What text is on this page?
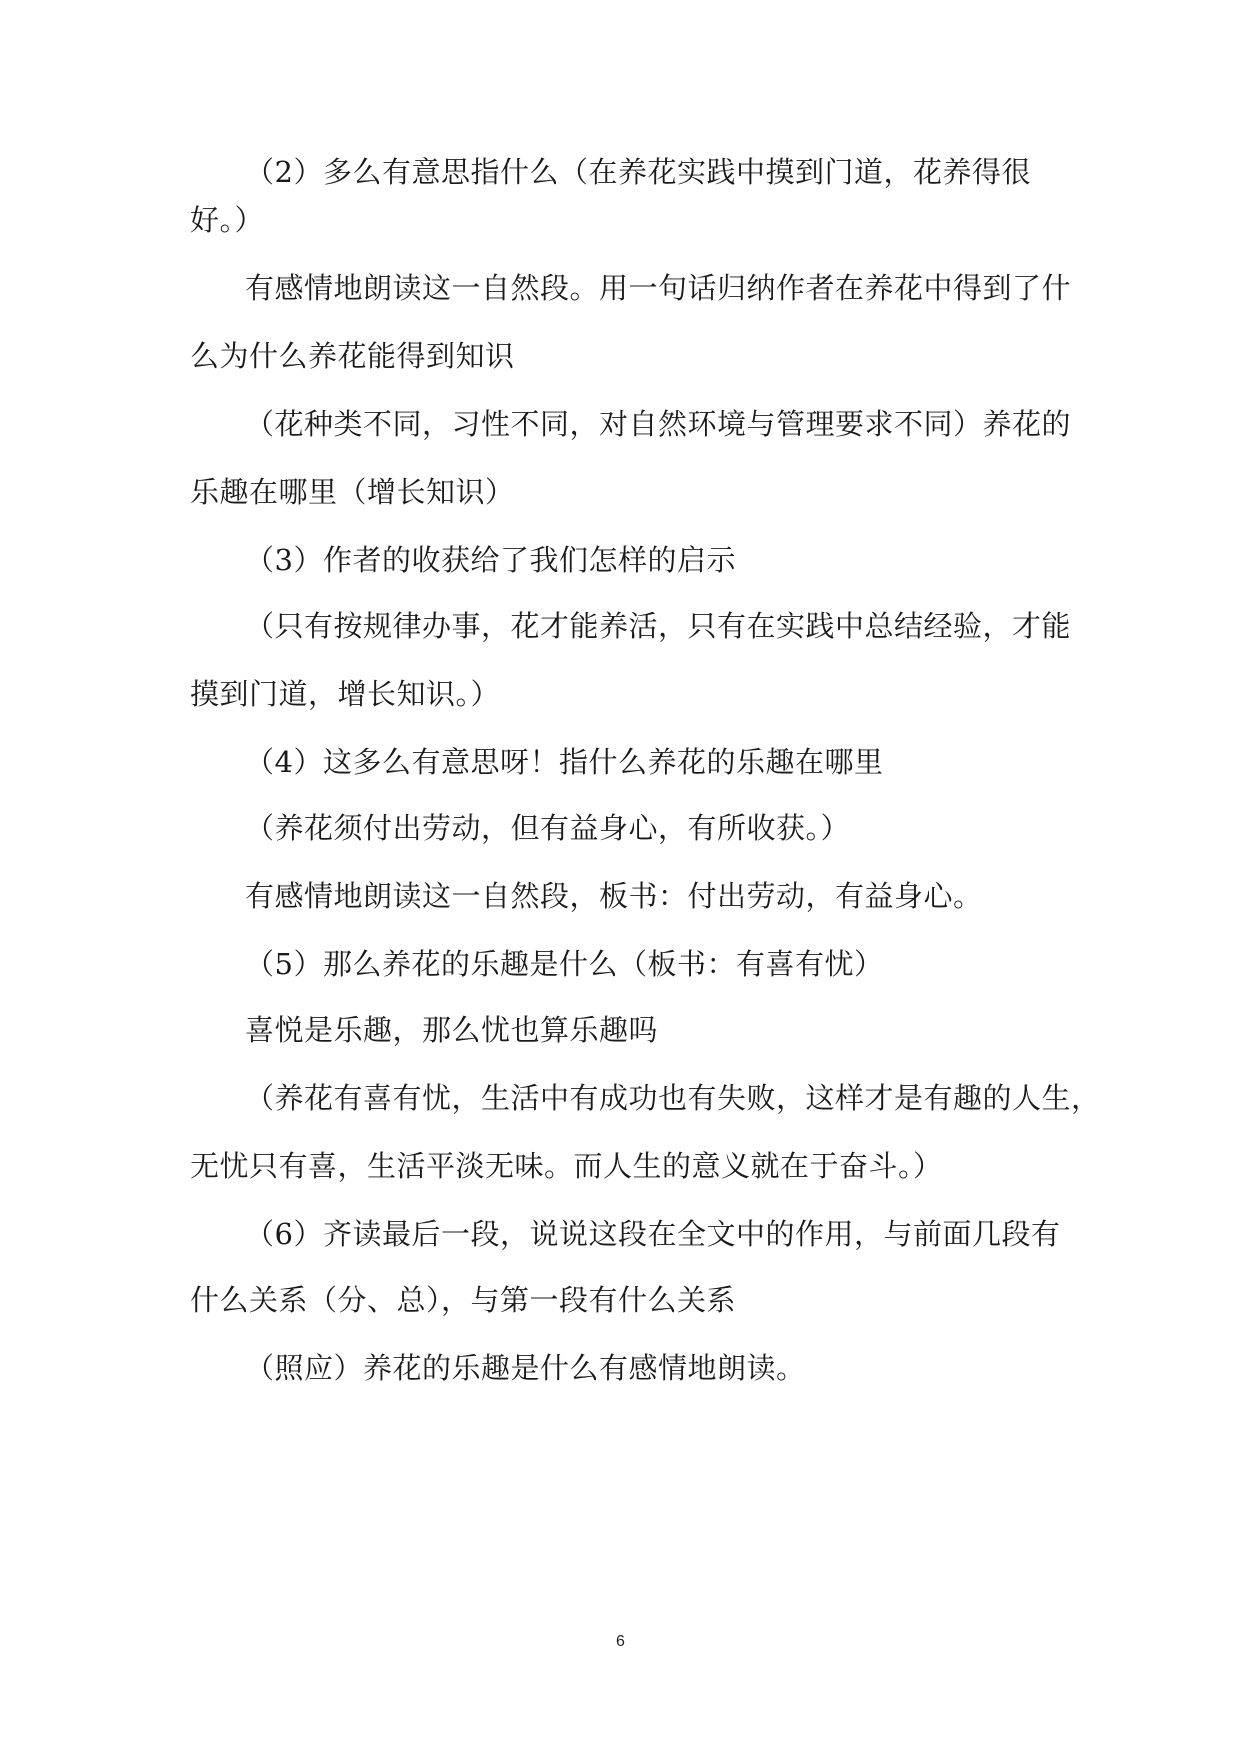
（2）多么有意思指什么（在养花实践中摸到门道，花养得很
好。）
有感情地朗读这一自然段。用一句话归纳作者在养花中得到了什
么为什么养花能得到知识
（花种类不同，习性不同，对自然环境与管理要求不同）养花的
乐趣在哪里（增长知识）
（3）作者的收获给了我们怎样的启示
（只有按规律办事，花才能养活，只有在实践中总结经验，才能
摸到门道，增长知识。）
（4）这多么有意思呀！指什么养花的乐趣在哪里
（养花须付出劳动，但有益身心，有所收获。）
有感情地朗读这一自然段，板书：付出劳动，有益身心。
（5）那么养花的乐趣是什么（板书：有喜有忧）
喜悦是乐趣，那么忧也算乐趣吗
（养花有喜有忧，生活中有成功也有失败，这样才是有趣的人生，
无忧只有喜，生活平淡无味。而人生的意义就在于奋斗。）
（6）齐读最后一段，说说这段在全文中的作用，与前面几段有
什么关系（分、总），与第一段有什么关系
（照应）养花的乐趣是什么有感情地朗读。
6
